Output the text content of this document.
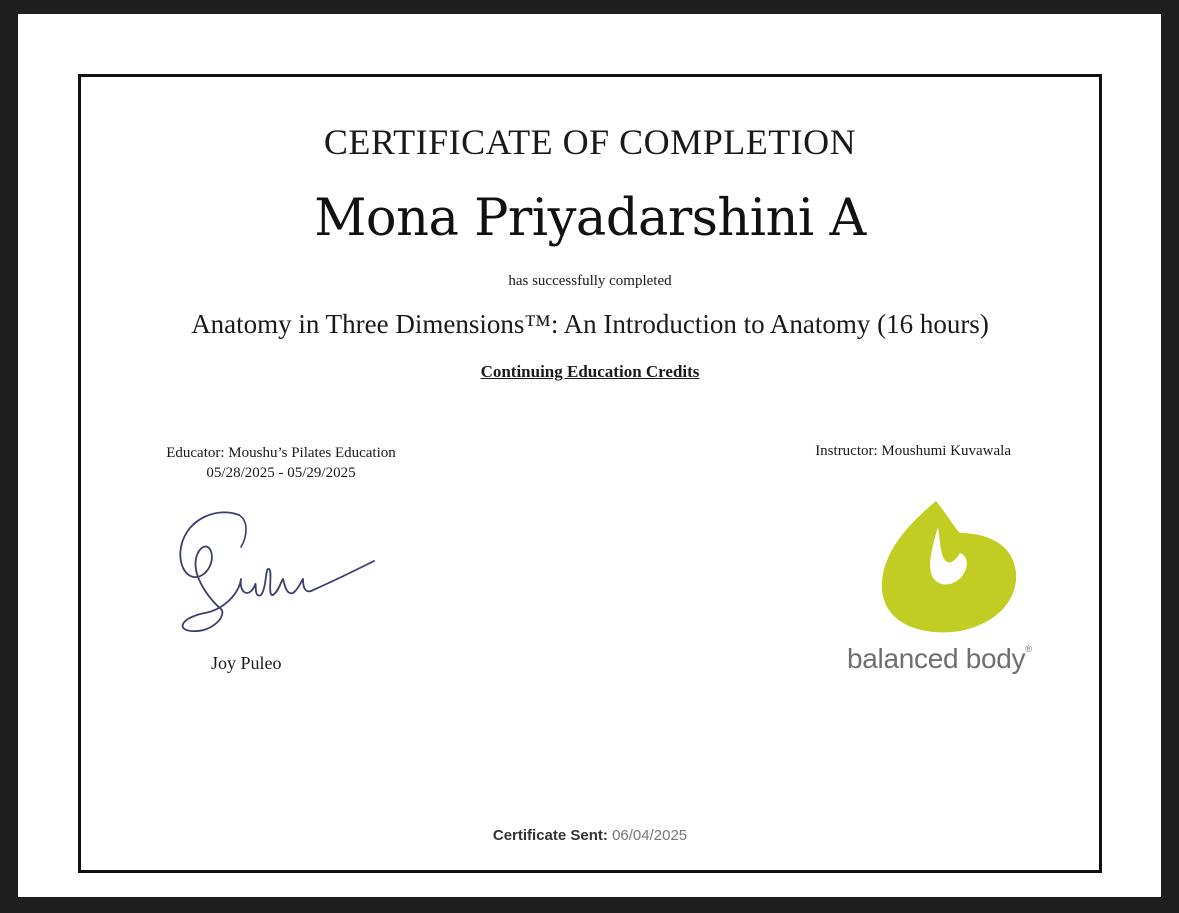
CERTIFICATE OF COMPLETION
Mona Priyadarshini A
has successfully completed
Anatomy in Three Dimensions™: An Introduction to Anatomy (16 hours)
Continuing Education Credits
Educator: Moushu’s Pilates Education
05/28/2025 - 05/29/2025
Instructor: Moushumi Kuvawala
Joy Puleo	balanced body®
Certificate Sent: 06/04/2025
